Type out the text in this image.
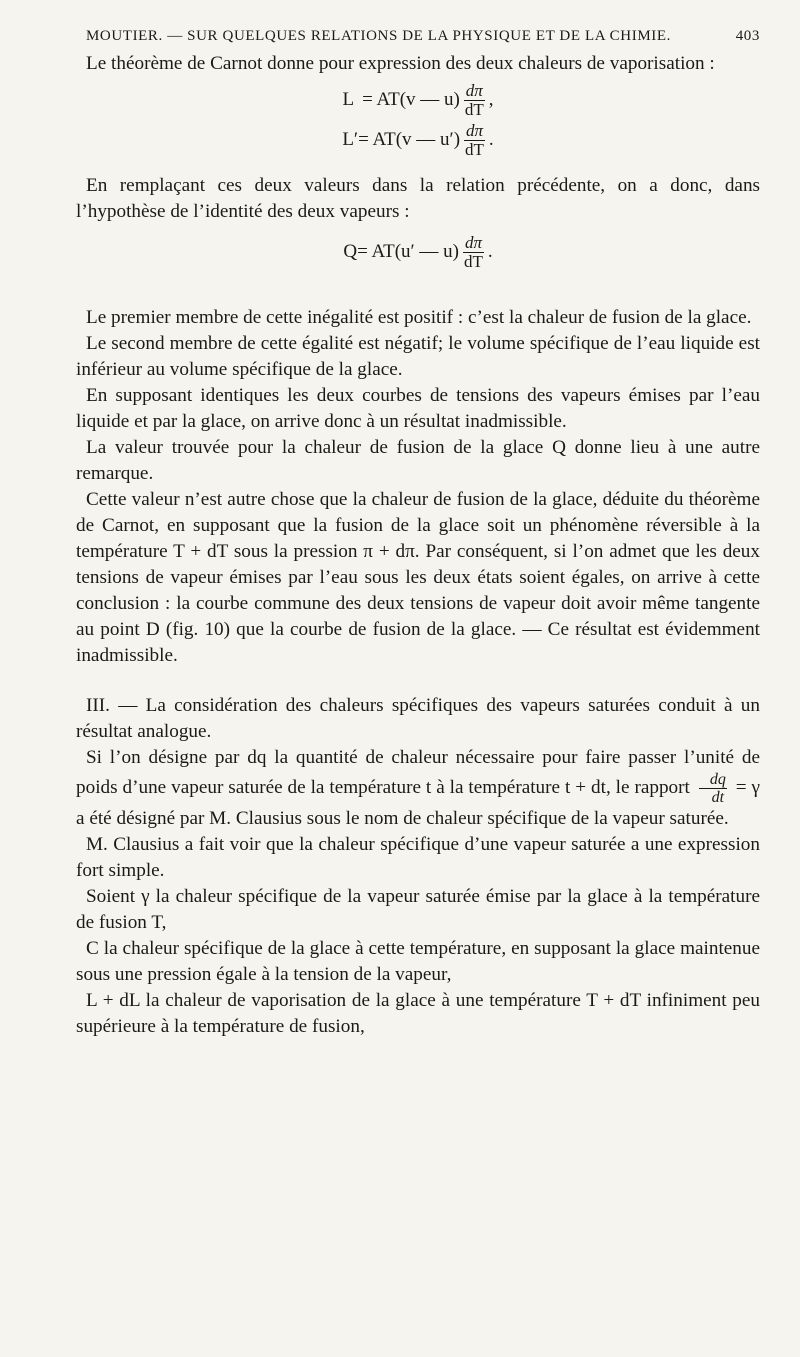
MOUTIER. — SUR QUELQUES RELATIONS DE LA PHYSIQUE ET DE LA CHIMIE.	403

Le théorème de Carnot donne pour expression des deux chaleurs de vaporisation :

L = AT(v — $u) \frac{d\pi}{dT}$ ,
L′ = AT(v — $u') \frac{d\pi}{dT}$ .

En remplaçant ces deux valeurs dans la relation précédente, on a donc, dans l’hypothèse de l’identité des deux vapeurs :

Q = AT(u′ — $u) \frac{d\pi}{dT}$ .

Le premier membre de cette inégalité est positif : c’est la chaleur de fusion de la glace.

Le second membre de cette égalité est négatif; le volume spécifique de l’eau liquide est inférieur au volume spécifique de la glace.

En supposant identiques les deux courbes de tensions des vapeurs émises par l’eau liquide et par la glace, on arrive donc à un résultat inadmissible.

La valeur trouvée pour la chaleur de fusion de la glace Q donne lieu à une autre remarque.

Cette valeur n’est autre chose que la chaleur de fusion de la glace, déduite du théorème de Carnot, en supposant que la fusion de la glace soit un phénomène réversible à la température T + dT sous la pression π + dπ. Par conséquent, si l’on admet que les deux tensions de vapeur émises par l’eau sous les deux états soient égales, on arrive à cette conclusion : la courbe commune des deux tensions de vapeur doit avoir même tangente au point D (fig. 10) que la courbe de fusion de la glace. — Ce résultat est évidemment inadmissible.

III. — La considération des chaleurs spécifiques des vapeurs saturées conduit à un résultat analogue.

Si l’on désigne par dq la quantité de chaleur nécessaire pour faire passer l’unité de poids d’une vapeur saturée de la température t à la température t + dt, le rapport $\frac{dq}{dt} = \gamma$ a été désigné par M. Clausius sous le nom de chaleur spécifique de la vapeur saturée.

M. Clausius a fait voir que la chaleur spécifique d’une vapeur saturée a une expression fort simple.

Soient γ la chaleur spécifique de la vapeur saturée émise par la glace à la température de fusion T,

C la chaleur spécifique de la glace à cette température, en supposant la glace maintenue sous une pression égale à la tension de la vapeur,

L + dL la chaleur de vaporisation de la glace à une température T + dT infiniment peu supérieure à la température de fusion,
